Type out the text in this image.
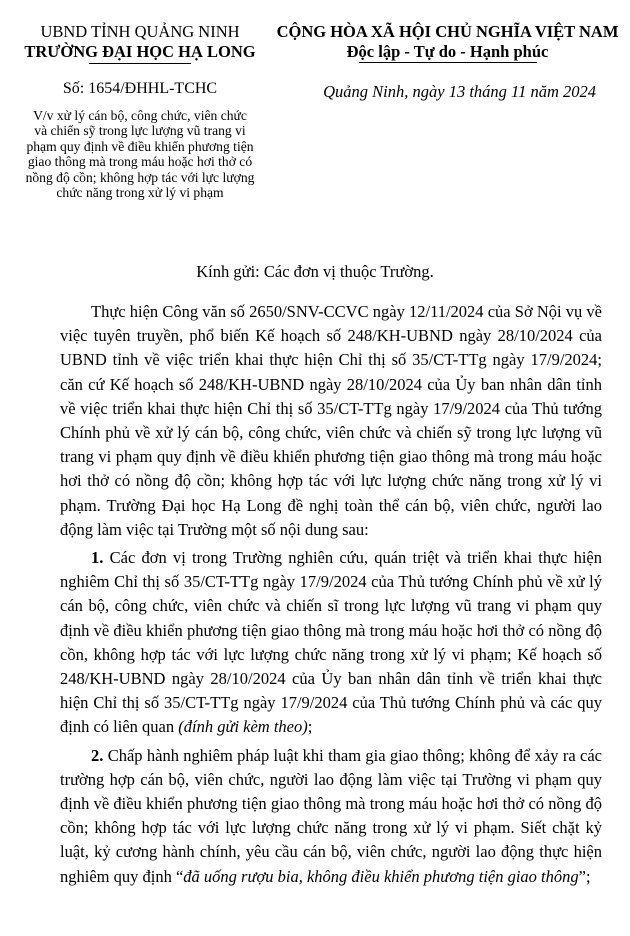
UBND TỈNH QUẢNG NINH
TRƯỜNG ĐẠI HỌC HẠ LONG
CỘNG HÒA XÃ HỘI CHỦ NGHĨA VIỆT NAM
Độc lập - Tự do - Hạnh phúc
Số: 1654/ĐHHL-TCHC	Quảng Ninh, ngày 13 tháng 11 năm 2024
V/v xử lý cán bộ, công chức, viên chức và chiến sỹ trong lực lượng vũ trang vi phạm quy định về điều khiển phương tiện giao thông mà trong máu hoặc hơi thở có nồng độ cồn; không hợp tác với lực lượng chức năng trong xử lý vi phạm
Kính gửi: Các đơn vị thuộc Trường.

Thực hiện Công văn số 2650/SNV-CCVC ngày 12/11/2024 của Sở Nội vụ về việc tuyên truyền, phổ biến Kế hoạch số 248/KH-UBND ngày 28/10/2024 của UBND tỉnh về việc triển khai thực hiện Chỉ thị số 35/CT-TTg ngày 17/9/2024; căn cứ Kế hoạch số 248/KH-UBND ngày 28/10/2024 của Ủy ban nhân dân tỉnh về việc triển khai thực hiện Chỉ thị số 35/CT-TTg ngày 17/9/2024 của Thủ tướng Chính phủ về xử lý cán bộ, công chức, viên chức và chiến sỹ trong lực lượng vũ trang vi phạm quy định về điều khiển phương tiện giao thông mà trong máu hoặc hơi thở có nồng độ cồn; không hợp tác với lực lượng chức năng trong xử lý vi phạm. Trường Đại học Hạ Long đề nghị toàn thể cán bộ, viên chức, người lao động làm việc tại Trường một số nội dung sau:

1. Các đơn vị trong Trường nghiên cứu, quán triệt và triển khai thực hiện nghiêm Chỉ thị số 35/CT-TTg ngày 17/9/2024 của Thủ tướng Chính phủ về xử lý cán bộ, công chức, viên chức và chiến sĩ trong lực lượng vũ trang vi phạm quy định về điều khiển phương tiện giao thông mà trong máu hoặc hơi thở có nồng độ cồn, không hợp tác với lực lượng chức năng trong xử lý vi phạm; Kế hoạch số 248/KH-UBND ngày 28/10/2024 của Ủy ban nhân dân tỉnh về triển khai thực hiện Chỉ thị số 35/CT-TTg ngày 17/9/2024 của Thủ tướng Chính phủ và các quy định có liên quan (đính gửi kèm theo);

2. Chấp hành nghiêm pháp luật khi tham gia giao thông; không để xảy ra các trường hợp cán bộ, viên chức, người lao động làm việc tại Trường vi phạm quy định về điều khiển phương tiện giao thông mà trong máu hoặc hơi thở có nồng độ cồn; không hợp tác với lực lượng chức năng trong xử lý vi phạm. Siết chặt kỷ luật, kỷ cương hành chính, yêu cầu cán bộ, viên chức, người lao động thực hiện nghiêm quy định “đã uống rượu bia, không điều khiển phương tiện giao thông”;
